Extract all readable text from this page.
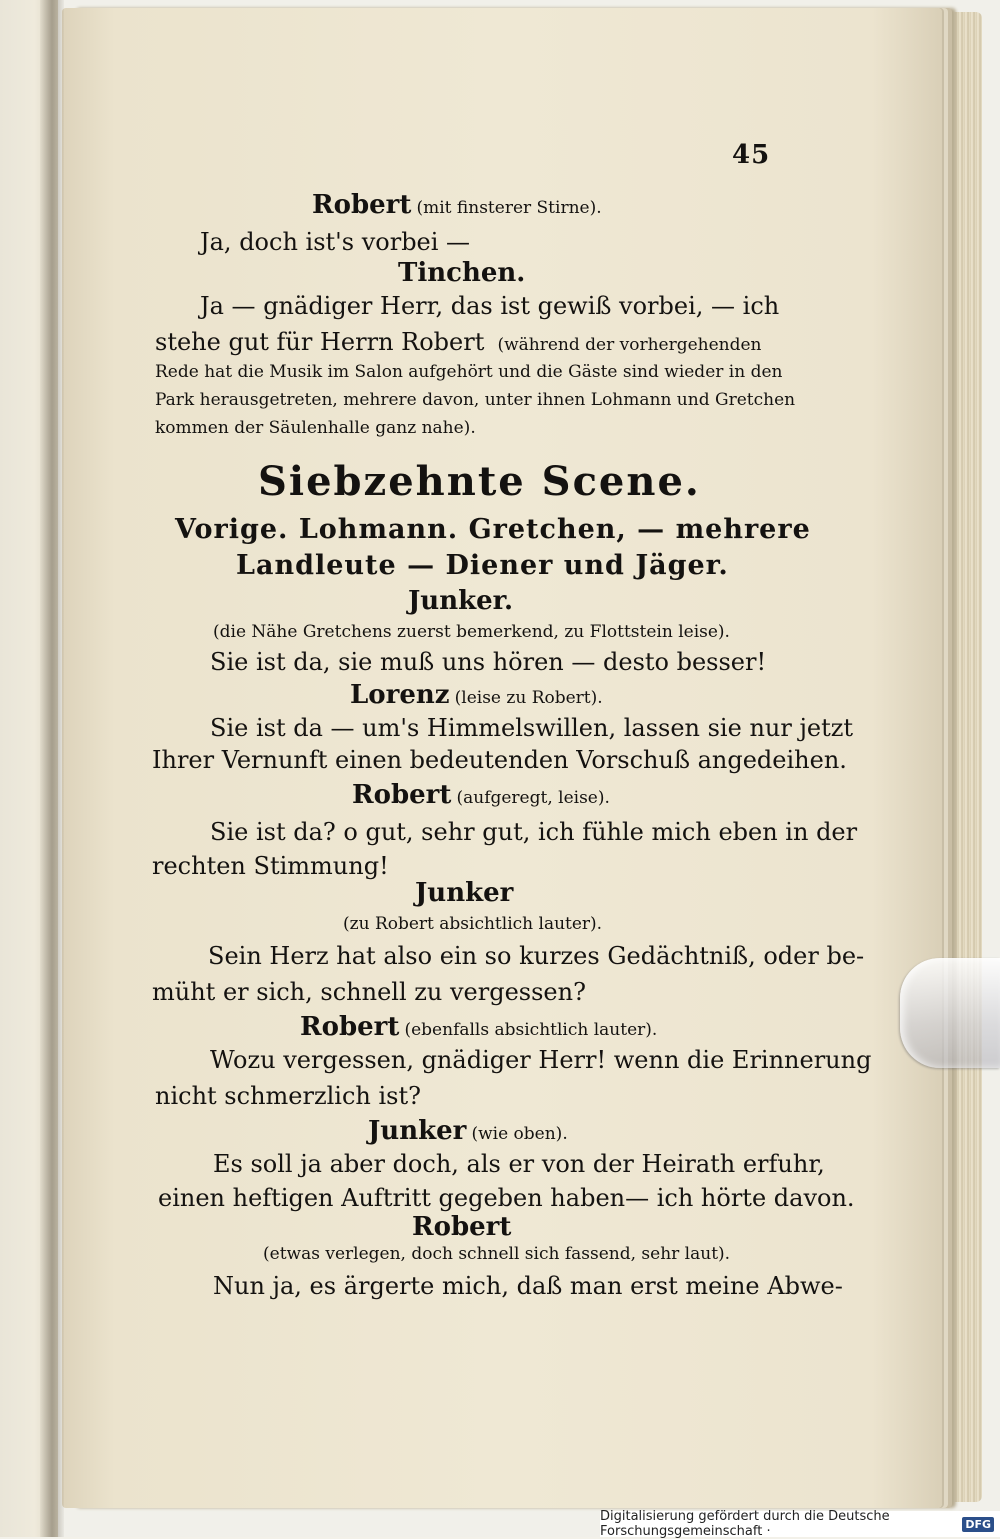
45
Robert (mit finsterer Stirne).
Ja, doch ist's vorbei —
Tinchen.
Ja — gnädiger Herr, das ist gewiß vorbei, — ich
stehe gut für Herrn Robert (während der vorhergehenden
Rede hat die Musik im Salon aufgehört und die Gäste sind wieder in den
Park herausgetreten, mehrere davon, unter ihnen Lohmann und Gretchen
kommen der Säulenhalle ganz nahe).
Siebzehnte Scene.
Vorige. Lohmann. Gretchen, — mehrere
Landleute — Diener und Jäger.
Junker.
(die Nähe Gretchens zuerst bemerkend, zu Flottstein leise).
Sie ist da, sie muß uns hören — desto besser!
Lorenz (leise zu Robert).
Sie ist da — um's Himmelswillen, lassen sie nur jetzt
Ihrer Vernunft einen bedeutenden Vorschuß angedeihen.
Robert (aufgeregt, leise).
Sie ist da? o gut, sehr gut, ich fühle mich eben in der
rechten Stimmung!
Junker
(zu Robert absichtlich lauter).
Sein Herz hat also ein so kurzes Gedächtniß, oder be-
müht er sich, schnell zu vergessen?
Robert (ebenfalls absichtlich lauter).
Wozu vergessen, gnädiger Herr! wenn die Erinnerung
nicht schmerzlich ist?
Junker (wie oben).
Es soll ja aber doch, als er von der Heirath erfuhr,
einen heftigen Auftritt gegeben haben— ich hörte davon.
Robert
(etwas verlegen, doch schnell sich fassend, sehr laut).
Nun ja, es ärgerte mich, daß man erst meine Abwe-
Digitalisierung gefördert durch die Deutsche Forschungsgemeinschaft ·	DFG
